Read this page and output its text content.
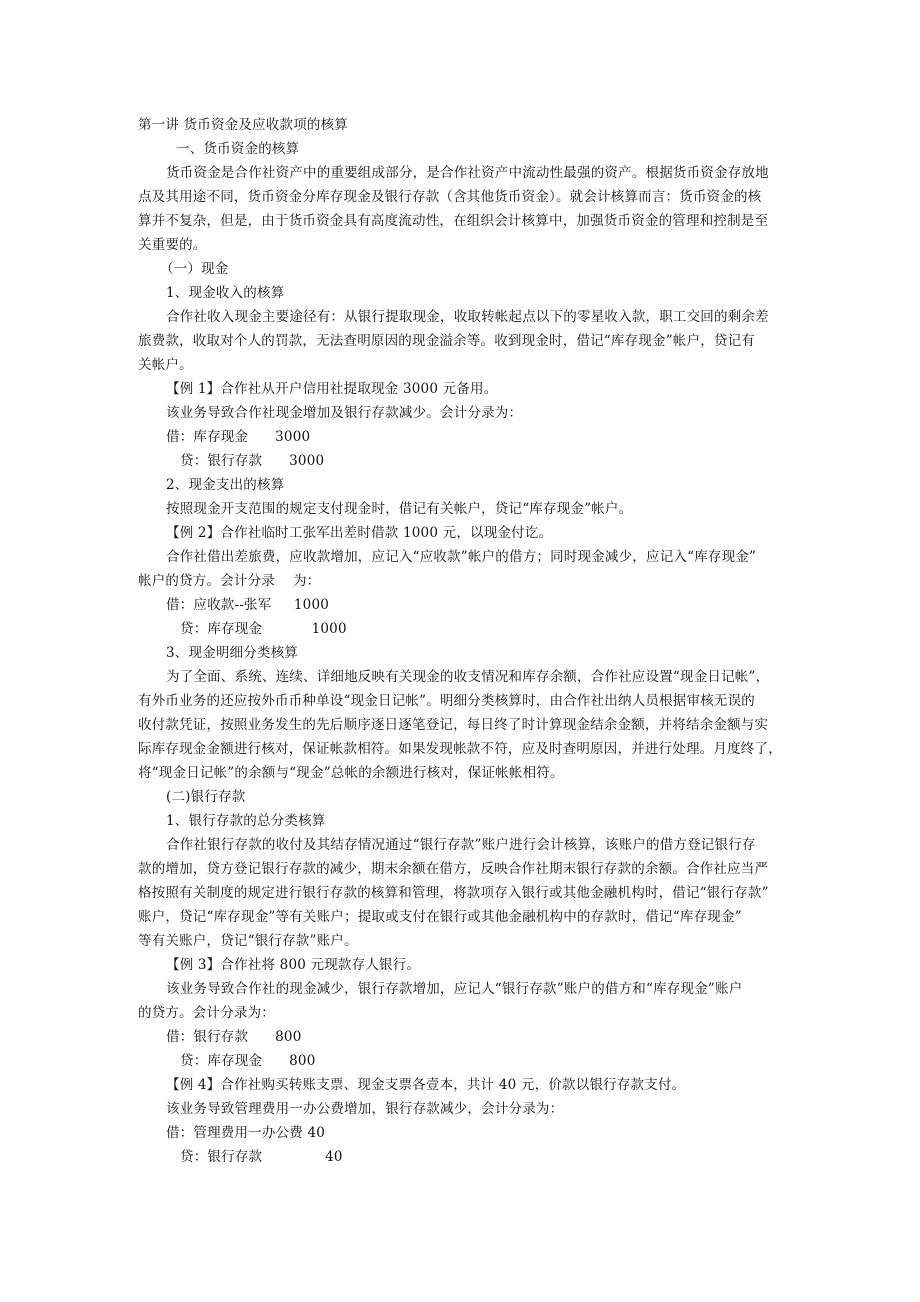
第一讲 货币资金及应收款项的核算
一、货币资金的核算
货币资金是合作社资产中的重要组成部分，是合作社资产中流动性最强的资产。根据货币资金存放地
点及其用途不同，货币资金分库存现金及银行存款（含其他货币资金）。就会计核算而言：货币资金的核
算并不复杂，但是，由于货币资金具有高度流动性，在组织会计核算中，加强货币资金的管理和控制是至
关重要的。
（一）现金
1、现金收入的核算
合作社收入现金主要途径有：从银行提取现金，收取转帐起点以下的零星收入款，职工交回的剩余差
旅费款，收取对个人的罚款，无法查明原因的现金溢余等。收到现金时，借记“库存现金”帐户，贷记有
关帐户。
【例 1】合作社从开户信用社提取现金 3000 元备用。
该业务导致合作社现金增加及银行存款减少。会计分录为：
借：库存现金      3000
贷：银行存款      3000
2、现金支出的核算
按照现金开支范围的规定支付现金时，借记有关帐户，贷记“库存现金”帐户。
【例 2】合作社临时工张军出差时借款 1000 元，以现金付讫。
合作社借出差旅费，应收款增加，应记入“应收款”帐户的借方；同时现金减少，应记入“库存现金”
帐户的贷方。会计分录    为：
借：应收款--张军     1000
贷：库存现金           1000
3、现金明细分类核算
为了全面、系统、连续、详细地反映有关现金的收支情况和库存余额，合作社应设置“现金日记帐”，
有外币业务的还应按外币币种单设“现金日记帐”。明细分类核算时，由合作社出纳人员根据审核无误的
收付款凭证，按照业务发生的先后顺序逐日逐笔登记，每日终了时计算现金结余金额，并将结余金额与实
际库存现金金额进行核对，保证帐款相符。如果发现帐款不符，应及时查明原因，并进行处理。月度终了，
将“现金日记帐”的余额与“现金”总帐的余额进行核对，保证帐帐相符。
(二)银行存款
1、银行存款的总分类核算
合作社银行存款的收付及其结存情况通过“银行存款”账户进行会计核算，该账户的借方登记银行存
款的增加，贷方登记银行存款的减少，期末余额在借方，反映合作社期末银行存款的余额。合作社应当严
格按照有关制度的规定进行银行存款的核算和管理，将款项存入银行或其他金融机构时，借记“银行存款”
账户，贷记“库存现金”等有关账户；提取或支付在银行或其他金融机构中的存款时，借记“库存现金”
等有关账户，贷记“银行存款”账户。
【例 3】合作社将 800 元现款存人银行。
该业务导致合作社的现金减少，银行存款增加，应记人“银行存款”账户的借方和“库存现金”账户
的贷方。会计分录为：
借：银行存款      800
贷：库存现金      800
【例 4】合作社购买转账支票、现金支票各壹本，共计 40 元，价款以银行存款支付。
该业务导致管理费用一办公费增加，银行存款减少，会计分录为：
借：管理费用一办公费 40
贷：银行存款              40
